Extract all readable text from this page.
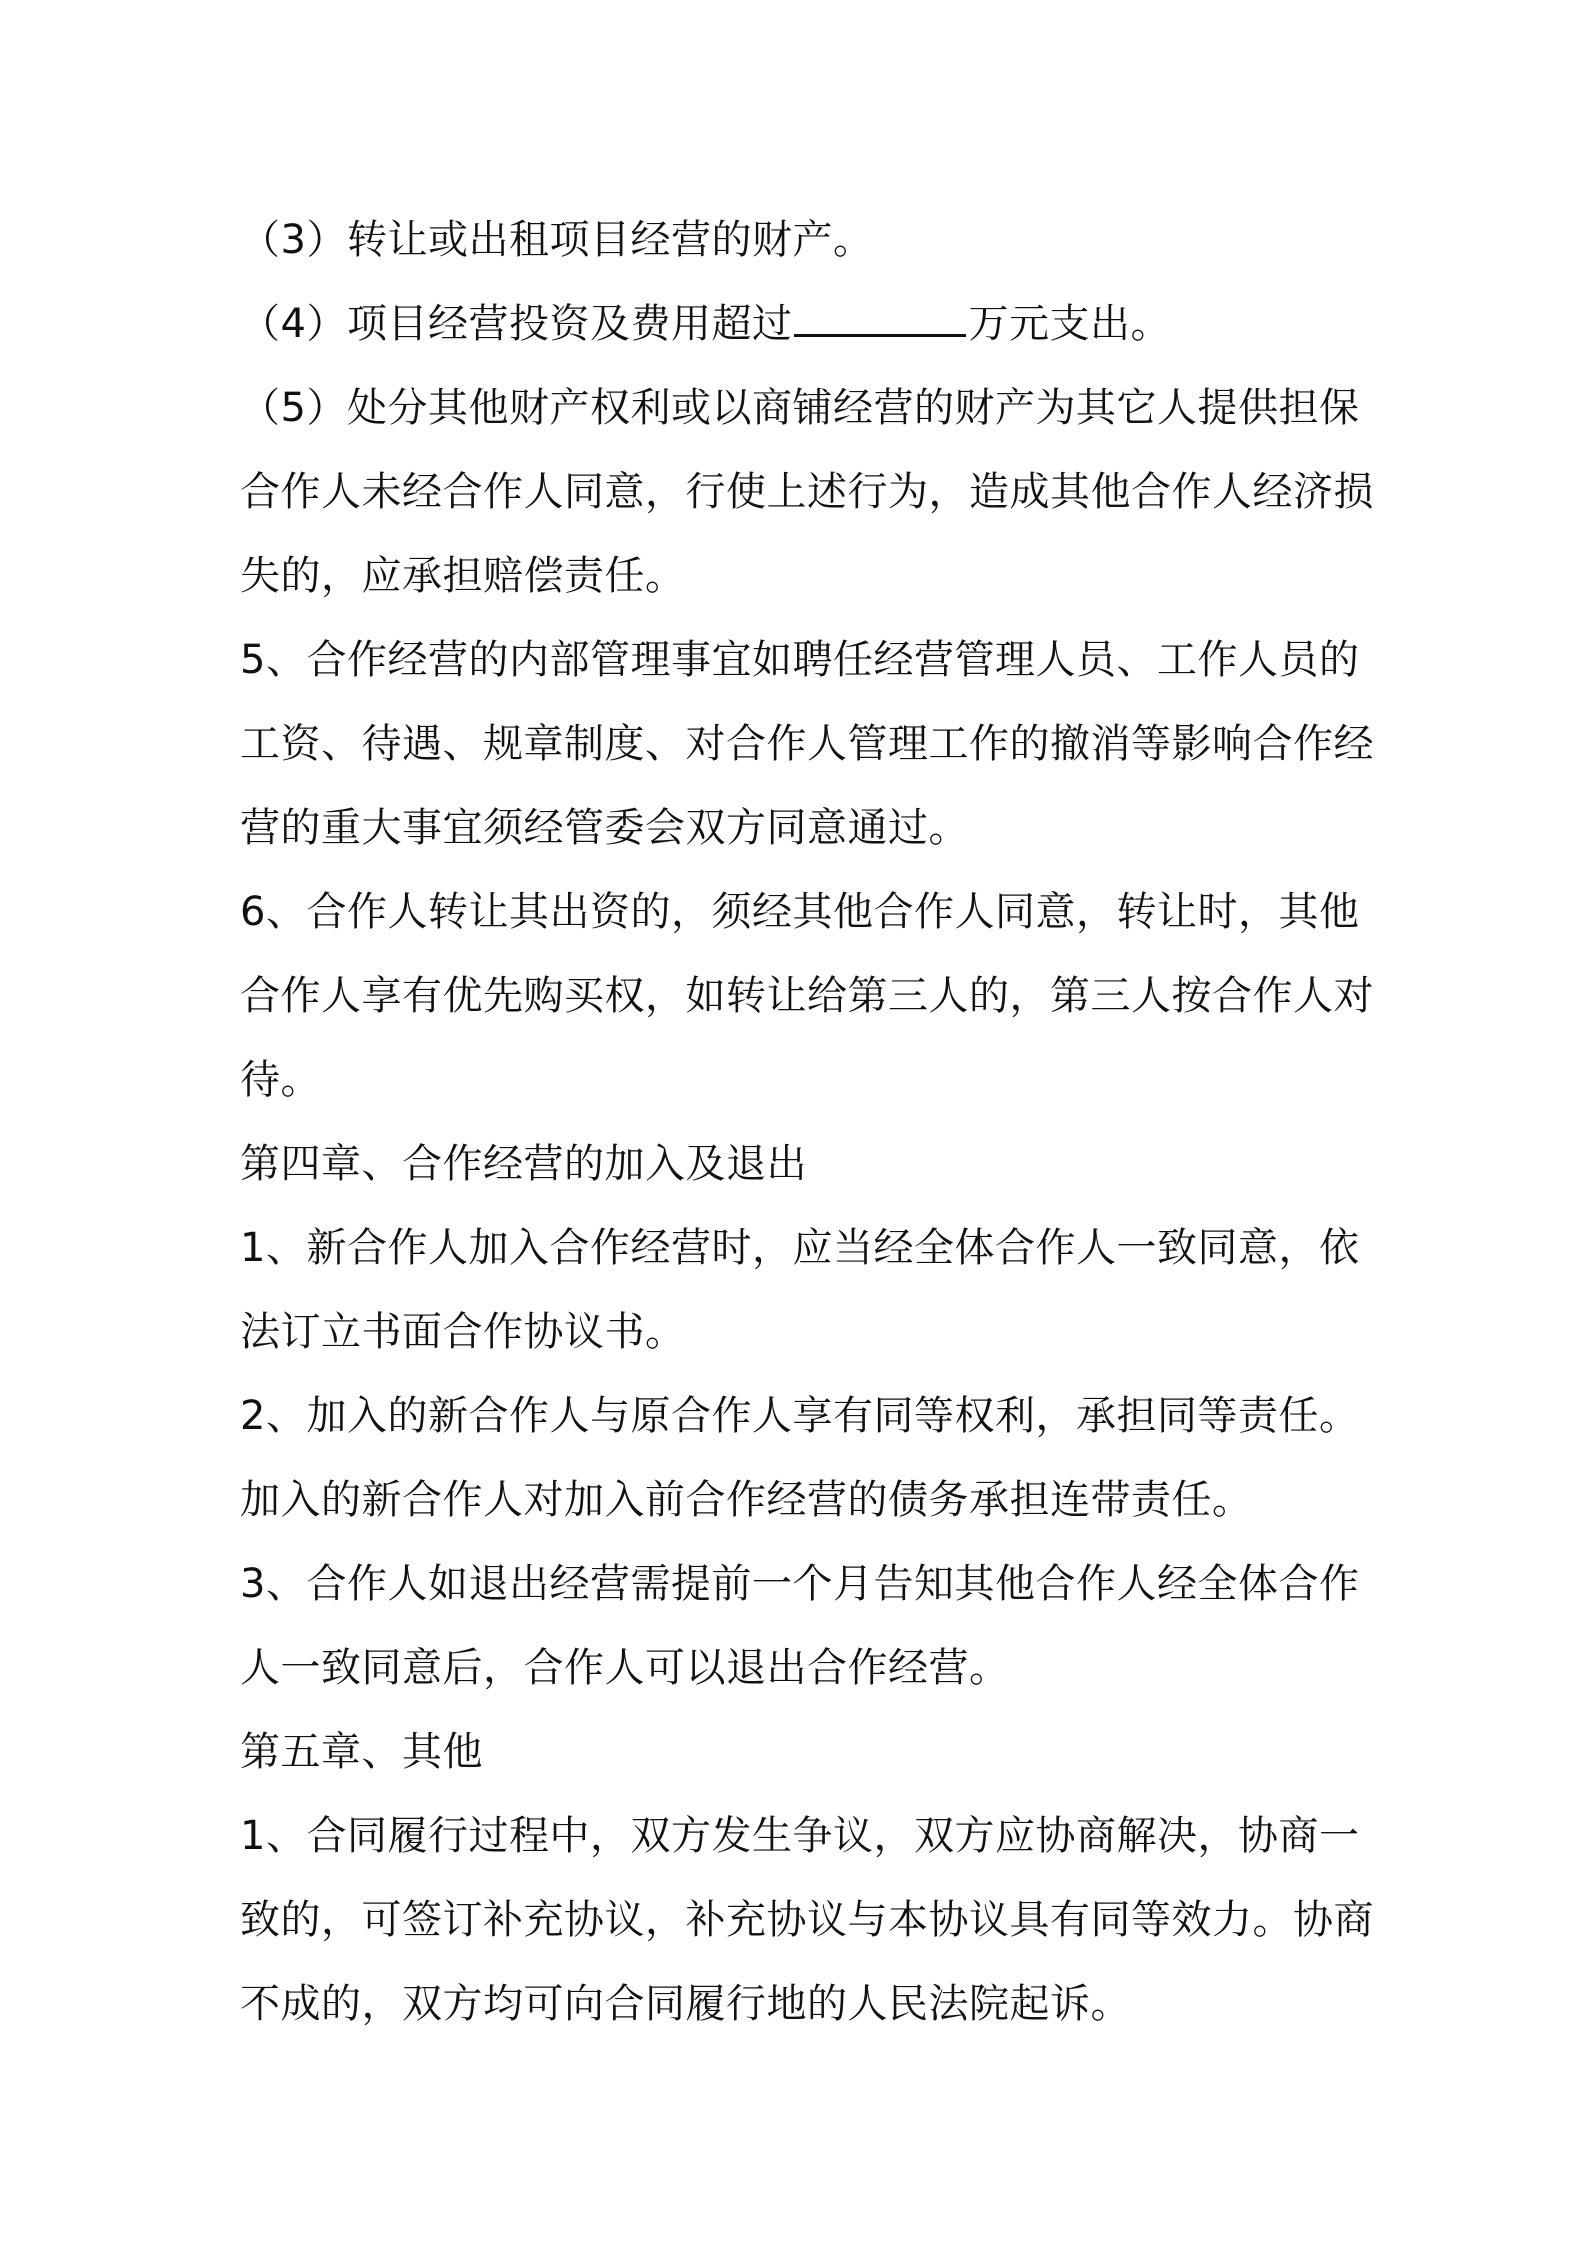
（3）转让或出租项目经营的财产。
（4）项目经营投资及费用超过	万元支出。
（5）处分其他财产权利或以商铺经营的财产为其它人提供担保
合作人未经合作人同意，行使上述行为，造成其他合作人经济损
失的，应承担赔偿责任。
5、合作经营的内部管理事宜如聘任经营管理人员、工作人员的
工资、待遇、规章制度、对合作人管理工作的撤消等影响合作经
营的重大事宜须经管委会双方同意通过。
6、合作人转让其出资的，须经其他合作人同意，转让时，其他
合作人享有优先购买权，如转让给第三人的，第三人按合作人对
待。
第四章、合作经营的加入及退出
1、新合作人加入合作经营时，应当经全体合作人一致同意，依
法订立书面合作协议书。
2、加入的新合作人与原合作人享有同等权利，承担同等责任。
加入的新合作人对加入前合作经营的债务承担连带责任。
3、合作人如退出经营需提前一个月告知其他合作人经全体合作
人一致同意后，合作人可以退出合作经营。
第五章、其他
1、合同履行过程中，双方发生争议，双方应协商解决，协商一
致的，可签订补充协议，补充协议与本协议具有同等效力。协商
不成的，双方均可向合同履行地的人民法院起诉。
